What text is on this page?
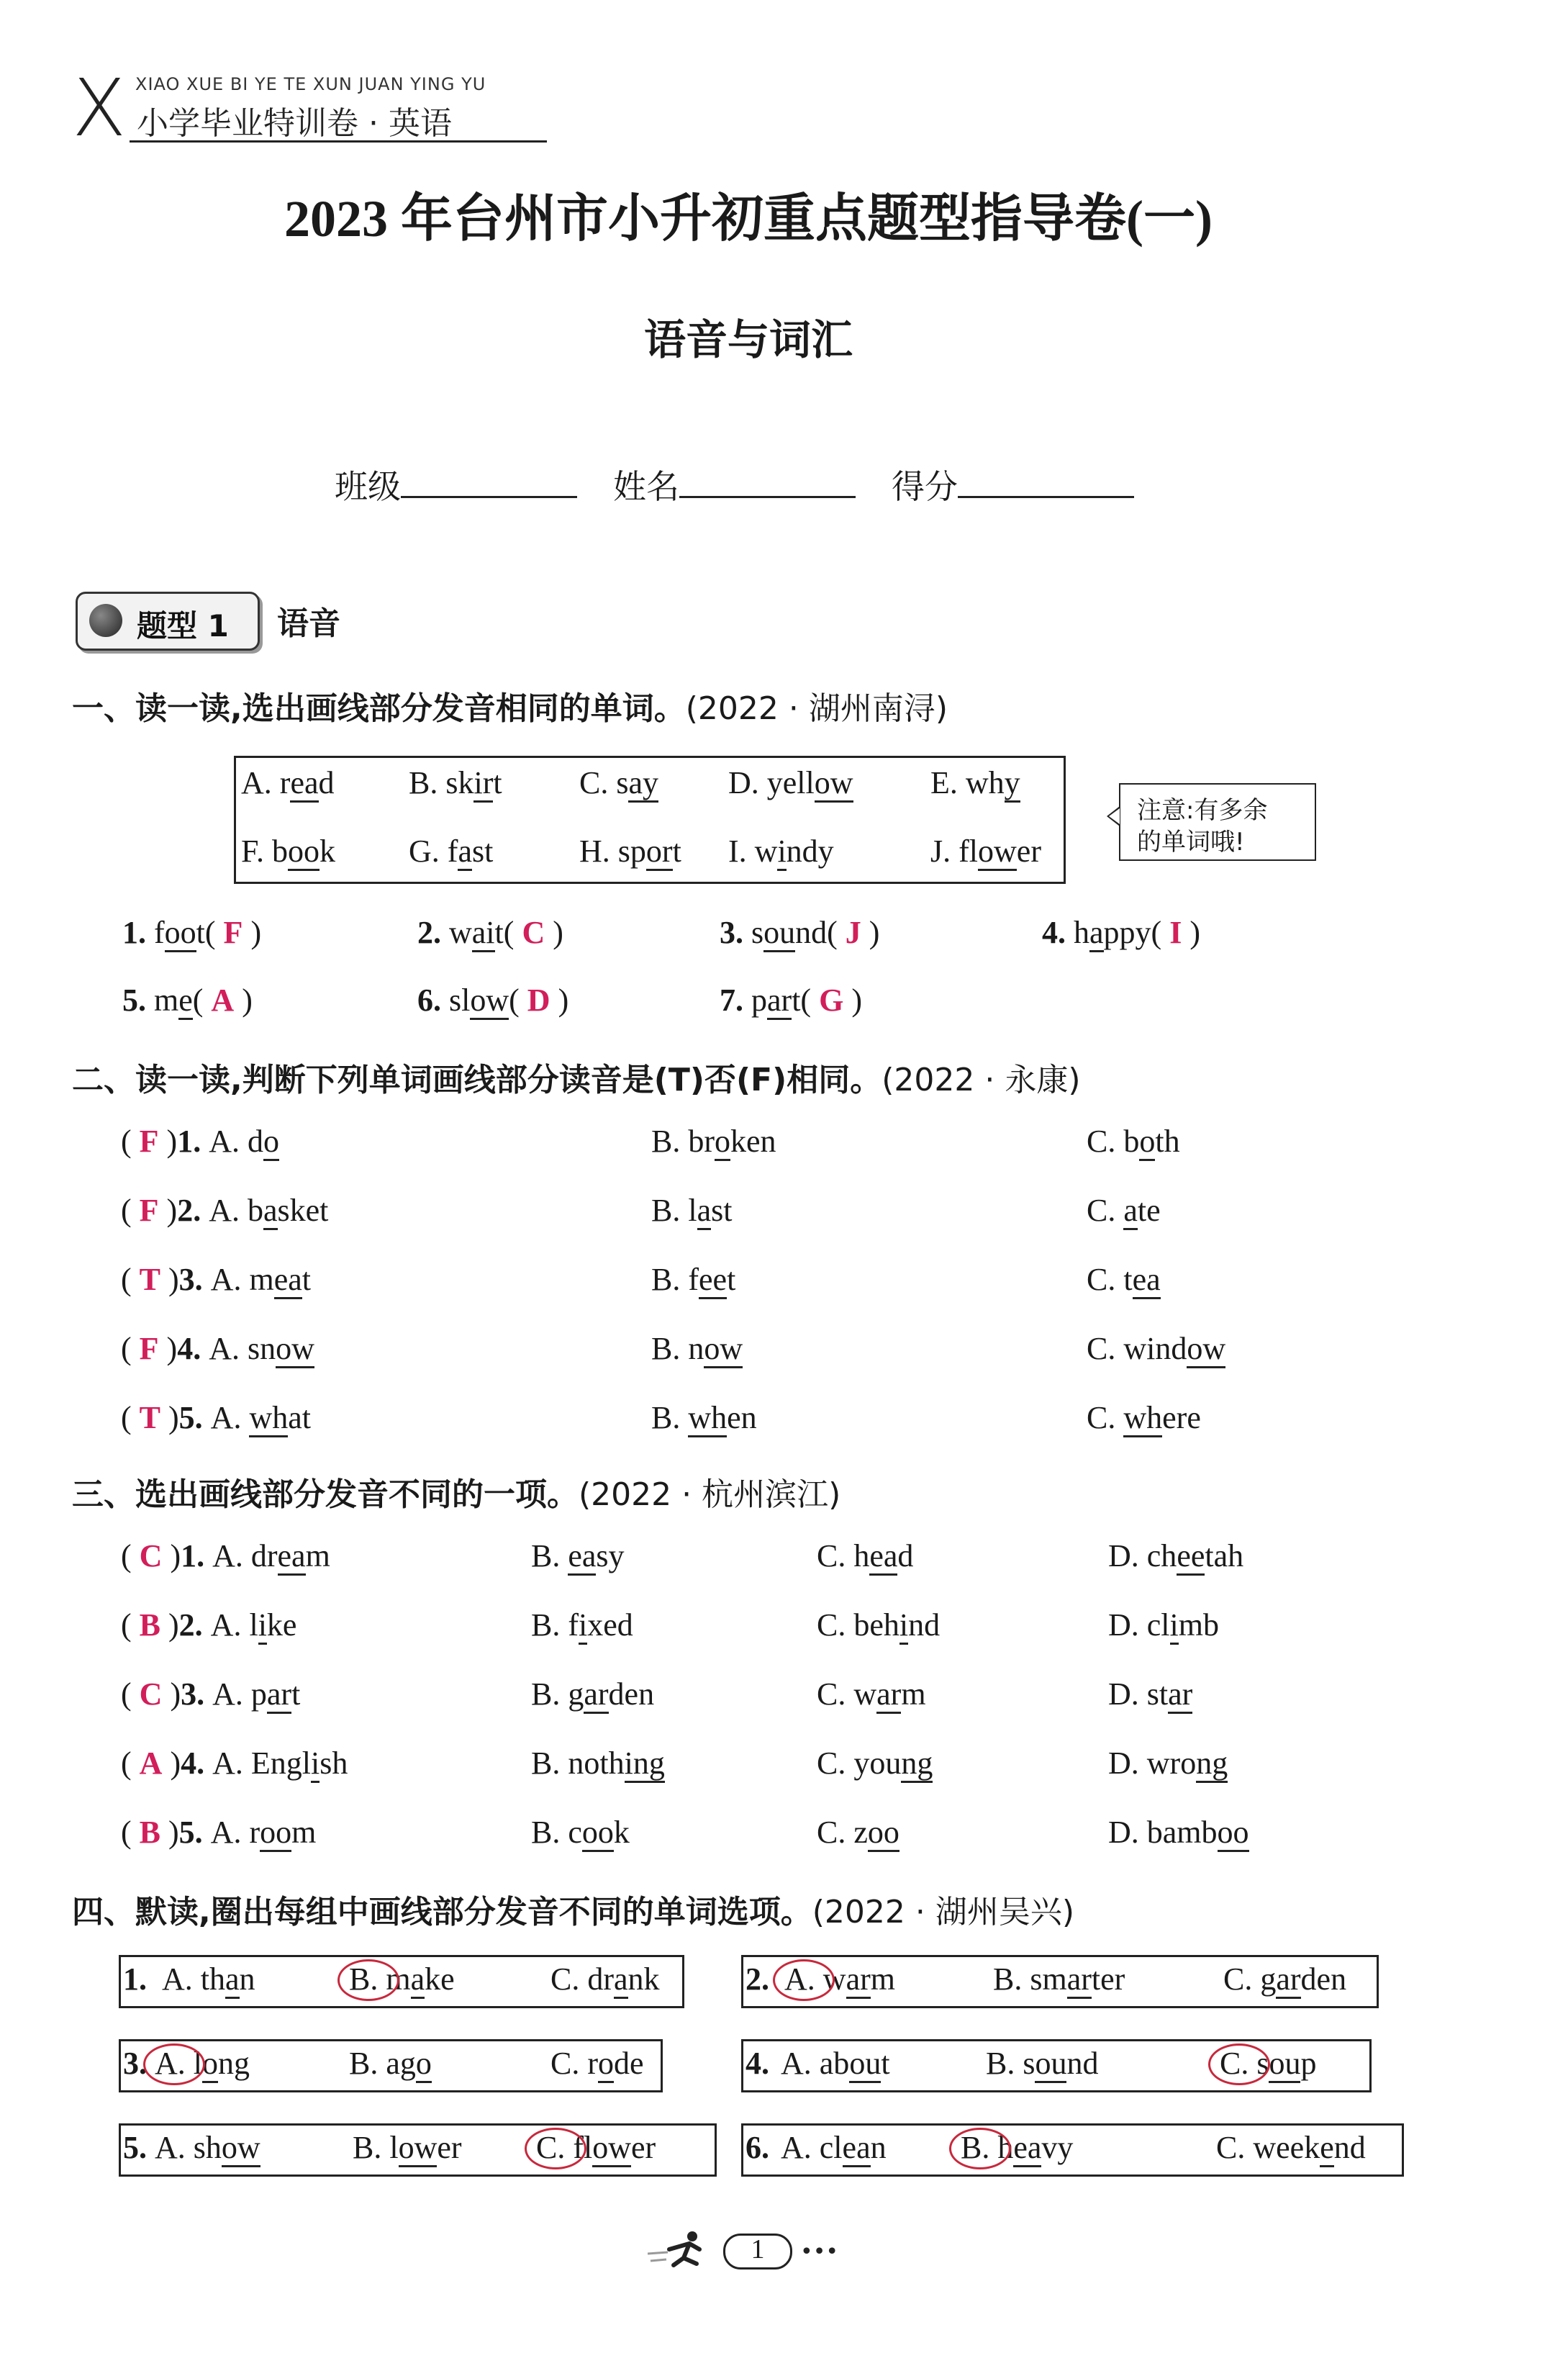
X XIAO XUE BI YE TE XUN JUAN YING YU
小学毕业特训卷 · 英语
2023 年台州市小升初重点题型指导卷(一)
语音与词汇
班级	姓名	得分
题型 1 语音
一、读一读,选出画线部分发音相同的单词。(2022 · 湖州南浔)
A. read B. skirt C. say D. yellow E. why
F. book G. fast	H. sport I. windy	J. flower
注意:有多余
的单词哦!
1. foot( F )	2. wait( C )	3. sound( J )	4. happy( I )
5. me( A )	6. slow( D )	7. part( G )
二、读一读,判断下列单词画线部分读音是(T)否(F)相同。(2022 · 永康)
( F )1. A. do	B. broken	C. both
( F )2. A. basket	B. last	C. ate
( T )3. A. meat	B. feet	C. tea
( F )4. A. snow	B. now	C. window
( T )5. A. what	B. when	C. where
三、选出画线部分发音不同的一项。(2022 · 杭州滨江)
( C )1. A. dream	B. easy	C. head	D. cheetah
( B )2. A. like	B. fixed	C. behind	D. climb
( C )3. A. part	B. garden	C. warm	D. star
( A )4. A. English	B. nothing	C. young	D. wrong
( B )5. A. room	B. cook	C. zoo	D. bamboo
四、默读,圈出每组中画线部分发音不同的单词选项。(2022 · 湖州吴兴)
1. A. than	B. make	C. drank	2. A. warm	B. smarter	C. garden
3. A. long	B. ago	C. rode	4. A. about	B. sound	C. soup
5. A. show	B. lower C. flower	6. A. clean B. heavy	C. weekend
1	•••
